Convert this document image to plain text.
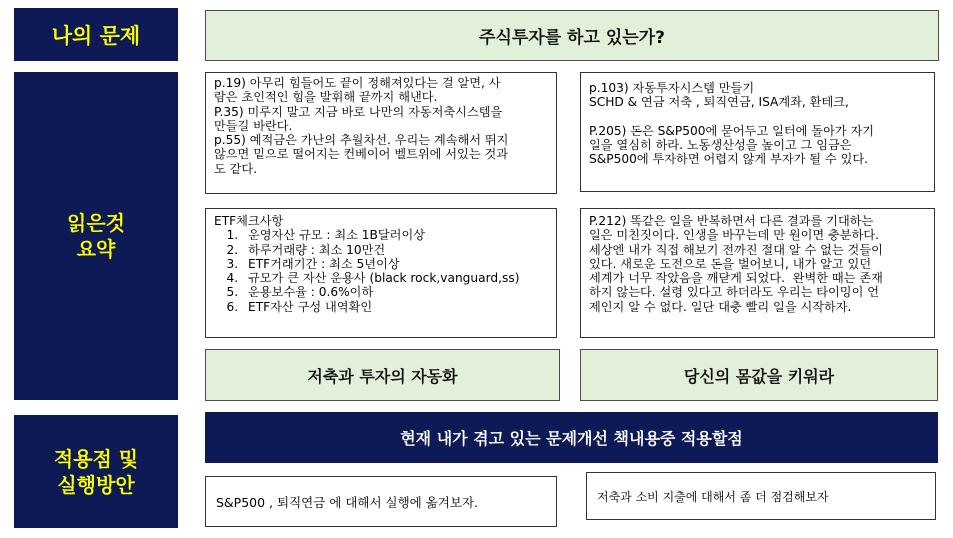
나의 문제	주식투자를 하고 있는가?
읽은것
요약
p.19) 아무리 힘들어도 끝이 정해져있다는 걸 알면, 사
람은 초인적인 힘을 발휘해 끝까지 해낸다.
P.35) 미루지 말고 지금 바로 나만의 자동저축시스템을
만들길 바란다.
p.55) 예적금은 가난의 추월차선. 우리는 계속해서 뛰지
않으면 밑으로 떨어지는 컨베이어 벨트위에 서있는 것과
도 같다.
p.103) 자동투자시스템 만들기
SCHD & 연금 저축 , 퇴직연금, ISA계좌, 환테크,

P.205) 돈은 S&P500에 묻어두고 일터에 돌아가 자기
일을 열심히 하라. 노동생산성을 높이고 그 임금은
S&P500에 투자하면 어렵지 않게 부자가 될 수 있다.
ETF체크사항
1. 운영자산 규모 : 최소 1B달러이상
2. 하루거래량 : 최소 10만건
3. ETF거래기간 : 최소 5년이상
4. 규모가 큰 자산 운용사 (black rock,vanguard,ss)
5. 운용보수율 : 0.6%이하
6. ETF자산 구성 내역확인
P.212) 똑같은 일을 반복하면서 다른 결과를 기대하는
일은 미친짓이다. 인생을 바꾸는데 만 원이면 충분하다.
세상엔 내가 직접 해보기 전까진 절대 알 수 없는 것들이
있다. 새로운 도전으로 돈을 벌어보니, 내가 알고 있던
세계가 너무 작았음을 깨닫게 되었다.  완벽한 때는 존재
하지 않는다. 설령 있다고 하더라도 우리는 타이밍이 언
제인지 알 수 없다. 일단 대충 빨리 일을 시작하자.
저축과 투자의 자동화	당신의 몸값을 키워라
적용점 및
실행방안
현재 내가 겪고 있는 문제개선 책내용중 적용할점
S&P500 , 퇴직연금 에 대해서 실행에 옮겨보자.	저축과 소비 지출에 대해서 좀 더 점검해보자
